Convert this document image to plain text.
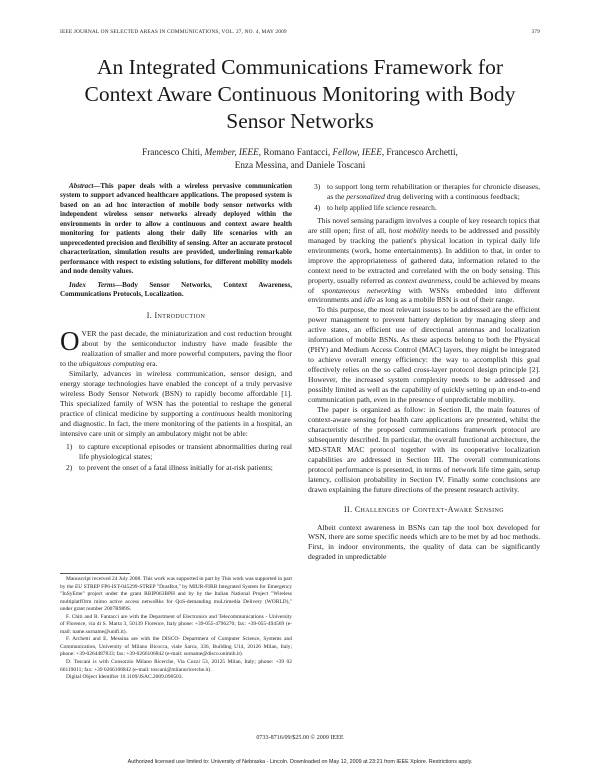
IEEE JOURNAL ON SELECTED AREAS IN COMMUNICATIONS, VOL. 27, NO. 4, MAY 2009	379
An Integrated Communications Framework for
Context Aware Continuous Monitoring with Body
Sensor Networks
Francesco Chiti, Member, IEEE, Romano Fantacci, Fellow, IEEE, Francesco Archetti,
Enza Messina, and Daniele Toscani

Abstract—This paper deals with a wireless pervasive communication system to support advanced healthcare applications. The proposed system is based on an ad hoc interaction of mobile body sensor networks with independent wireless sensor networks already deployed within the environments in order to allow a continuous and context aware health monitoring for patients along their daily life scenarios with an unprecedented precision and flexibility of sensing. After an accurate protocol characterization, simulation results are provided, underlining remarkable performance with respect to existing solutions, for different mobility models and node density values.

Index Terms—Body Sensor Networks, Context Awareness, Communications Protocols, Localization.

I. Introduction

OVER the past decade, the miniaturization and cost reduction brought about by the semiconductor industry have made feasible the realization of smaller and more powerful computers, paving the floor to the ubiquitous computing era.

Similarly, advances in wireless communication, sensor design, and energy storage technologies have enabled the concept of a truly pervasive wireless Body Sensor Network (BSN) to rapidly become affordable [1]. This specialized family of WSN has the potential to reshape the general practice of clinical medicine by supporting a continuous health monitoring and diagnostic. In fact, the mere monitoring of the patients in a hospital, an intensive care unit or simply an ambulatory might not be able:

1) to capture exceptional episodes or transient abnormalities during real life physiological states;
2) to prevent the onset of a fatal illness initially for at-risk patients;

Manuscript received 24 July 2008. This work was supported in part by This work was supported in part by the EU STREP FP6-IST-045299-STREP "DustBot," by MIUR-FIRB Integrated System for Emergency "InSyEme" project under the grant RBIP063BPH and by by the Italian National Project "Wireless multiplatfOrm mimo active access netwoRks for QoS-demanding muLtimedia Delivery (WORLD)," under grant number 2007R989S.

F. Chiti and R. Fantacci are with the Department of Electronics and Telecommunications - University of Florence, via di S. Marta 3, 50139 Florence, Italy phone: +39-055-4796270; fax: +39-055-494569 (e-mail: name.surname@unifi.it).

F. Archetti and E. Messina are with the DISCO- Department of Computer Science, Systems and Communication, University of Milano Bicocca, viale Sarca, 336, Building U14, 20126 Milan, Italy; phone: +39-0264487833; fax: +39-0266106842 (e-mail: surname@disco.unimib.it).

D. Toscani is with Consorzio Milano Ricerche, Via Cozzi 53, 20125 Milan, Italy; phone: +39 02 66119011; fax: +39 0266106842 (e-mail: toscani@milanoricerche.it).

Digital Object Identifier 10.1109/JSAC.2009.090503.

3) to support long term rehabilitation or therapies for chronicle diseases, as the personalized drug delivering with a continuous feedback;
4) to help applied life science research.

This novel sensing paradigm involves a couple of key research topics that are still open; first of all, host mobility needs to be addressed and possibly managed by tracking the patient's physical location in typical daily life environments (work, home entertainments). In addition to that, in order to improve the appropriateness of gathered data, information related to the context need to be extracted and correlated with the on body sensing. This property, usually referred as context awareness, could be achieved by means of spontaneous networking with WSNs embedded into different environments and idle as long as a mobile BSN is out of their range.

To this purpose, the most relevant issues to be addressed are the efficient power management to prevent battery depletion by managing sleep and active states, an efficient use of directional antennas and localization information of mobile BSNs. As these aspects belong to both the Physical (PHY) and Medium Access Control (MAC) layers, they might be integrated to achieve overall energy efficiency: the way to accomplish this goal effectively relies on the so called cross-layer protocol design principle [2]. However, the increased system complexity needs to be addressed and possibly limited as well as the capability of quickly setting up an end-to-end communication path, even in the presence of unpredictable mobility.

The paper is organized as follow: in Section II, the main features of context-aware sensing for health care applications are presented, whilst the characteristic of the proposed communications framework protocol are subsequently described. In particular, the overall functional architecture, the MD-STAR MAC protocol together with its cooperative localization capabilities are addressed in Section III. The overall communications protocol performance is presented, in terms of network life time gain, setup latency, collision probability in Section IV. Finally some conclusions are drawn explaining the future directions of the present research activity.

II. Challenges of Context-Aware Sensing

Albeit context awareness in BSNs can tap the tool box developed for WSN, there are some specific needs which are to be met by ad hoc methods. First, in indoor environments, the quality of data can be significantly degraded in unpredictable

0733-8716/09/$25.00 © 2009 IEEE
Authorized licensed use limited to: University of Nebraska - Lincoln. Downloaded on May 12, 2009 at 23:21 from IEEE Xplore. Restrictions apply.
